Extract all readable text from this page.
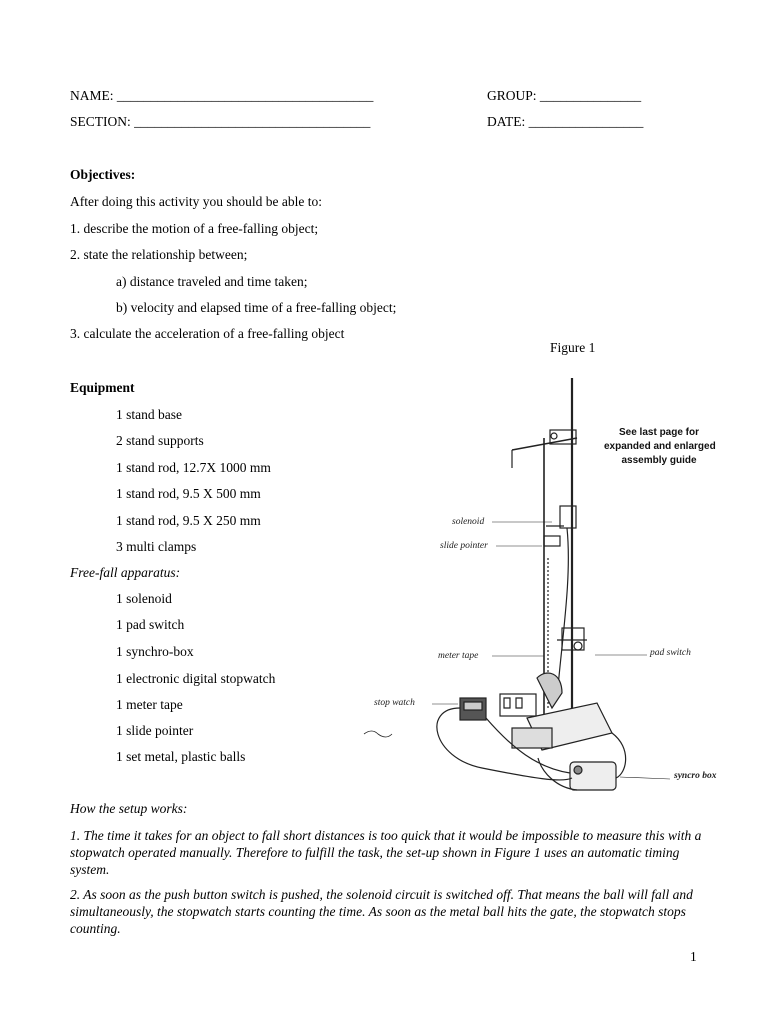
NAME: ______________________________________	GROUP: _______________
SECTION: ___________________________________	DATE: _________________
Objectives:
After doing this activity you should be able to:
1. describe the motion of a free-falling object;
2. state the relationship between;
a) distance traveled and time taken;
b) velocity and elapsed time of a free-falling object;
3. calculate the acceleration of a free-falling object
Figure 1
Equipment
1 stand base
2 stand supports
1 stand rod, 12.7X 1000 mm
1 stand rod, 9.5 X 500 mm
1 stand rod, 9.5 X 250 mm
3 multi clamps
Free-fall apparatus:
1 solenoid
1 pad switch
1 synchro-box
1 electronic digital stopwatch
1 meter tape
1 slide pointer
1 set metal, plastic balls
See last page for
expanded and enlarged
assembly guide
solenoid
slide pointer
meter tape	pad switch
stop watch
syncro box
How the setup works:
1. The time it takes for an object to fall short distances is too quick that it would be impossible to measure this with a stopwatch operated manually. Therefore to fulfill the task, the set-up shown in Figure 1 uses an automatic timing system.
2. As soon as the push button switch is pushed, the solenoid circuit is switched off. That means the ball will fall and simultaneously, the stopwatch starts counting the time. As soon as the metal ball hits the gate, the stopwatch stops counting.
1
